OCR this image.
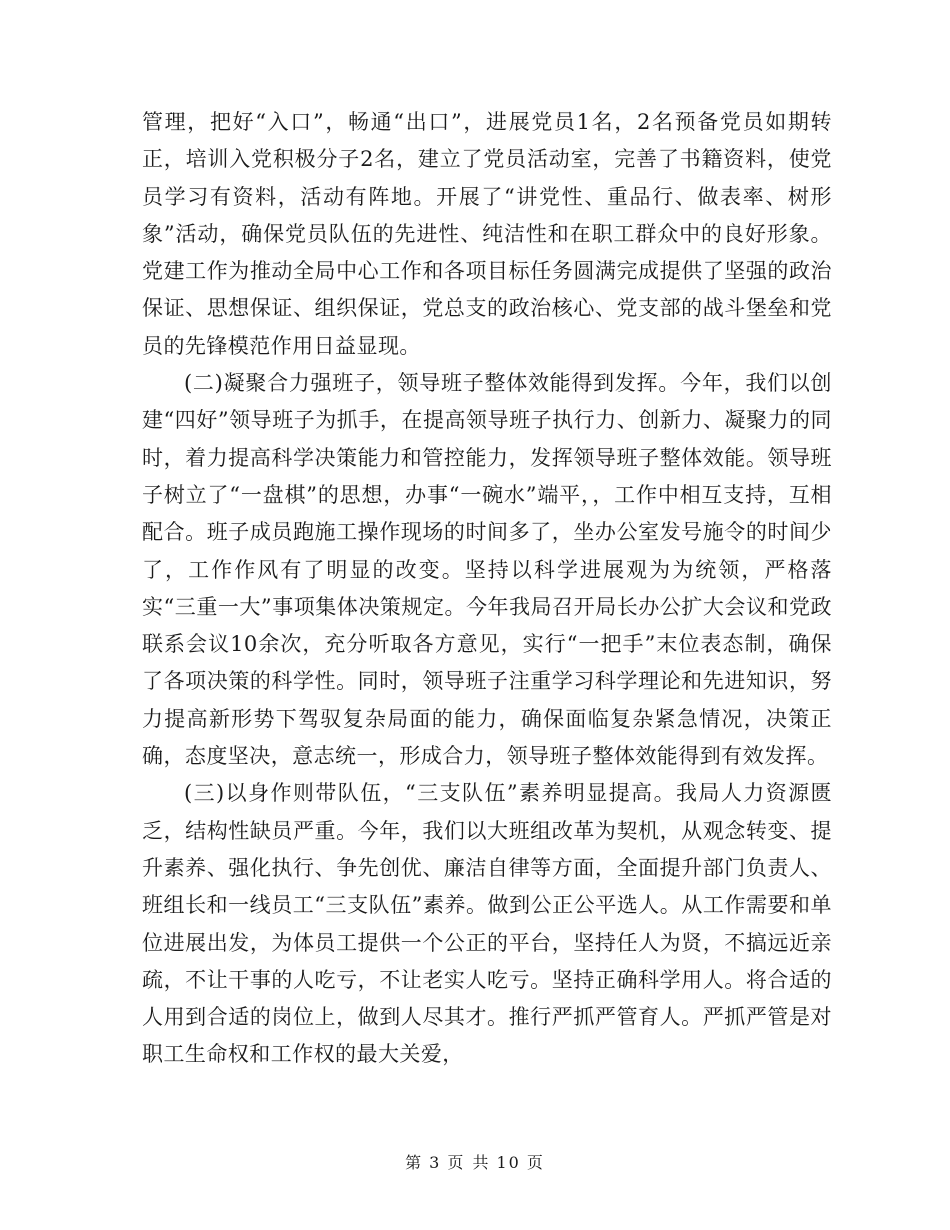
管理，把好“入口”，畅通“出口”，进展党员1名，2名预备党员如期转正，培训入党积极分子2名，建立了党员活动室，完善了书籍资料，使党员学习有资料，活动有阵地。开展了“讲党性、重品行、做表率、树形象”活动，确保党员队伍的先进性、纯洁性和在职工群众中的良好形象。党建工作为推动全局中心工作和各项目标任务圆满完成提供了坚强的政治保证、思想保证、组织保证，党总支的政治核心、党支部的战斗堡垒和党员的先锋模范作用日益显现。

(二)凝聚合力强班子，领导班子整体效能得到发挥。今年，我们以创建“四好”领导班子为抓手，在提高领导班子执行力、创新力、凝聚力的同时，着力提高科学决策能力和管控能力，发挥领导班子整体效能。领导班子树立了“一盘棋”的思想，办事“一碗水”端平，，工作中相互支持，互相配合。班子成员跑施工操作现场的时间多了，坐办公室发号施令的时间少了，工作作风有了明显的改变。坚持以科学进展观为为统领，严格落实“三重一大”事项集体决策规定。今年我局召开局长办公扩大会议和党政联系会议10余次，充分听取各方意见，实行“一把手”末位表态制，确保了各项决策的科学性。同时，领导班子注重学习科学理论和先进知识，努力提高新形势下驾驭复杂局面的能力，确保面临复杂紧急情况，决策正确，态度坚决，意志统一，形成合力，领导班子整体效能得到有效发挥。

(三)以身作则带队伍，“三支队伍”素养明显提高。我局人力资源匮乏，结构性缺员严重。今年，我们以大班组改革为契机，从观念转变、提升素养、强化执行、争先创优、廉洁自律等方面，全面提升部门负责人、班组长和一线员工“三支队伍”素养。做到公正公平选人。从工作需要和单位进展出发，为体员工提供一个公正的平台，坚持任人为贤，不搞远近亲疏，不让干事的人吃亏，不让老实人吃亏。坚持正确科学用人。将合适的人用到合适的岗位上，做到人尽其才。推行严抓严管育人。严抓严管是对职工生命权和工作权的最大关爱，

第 3 页 共 10 页
